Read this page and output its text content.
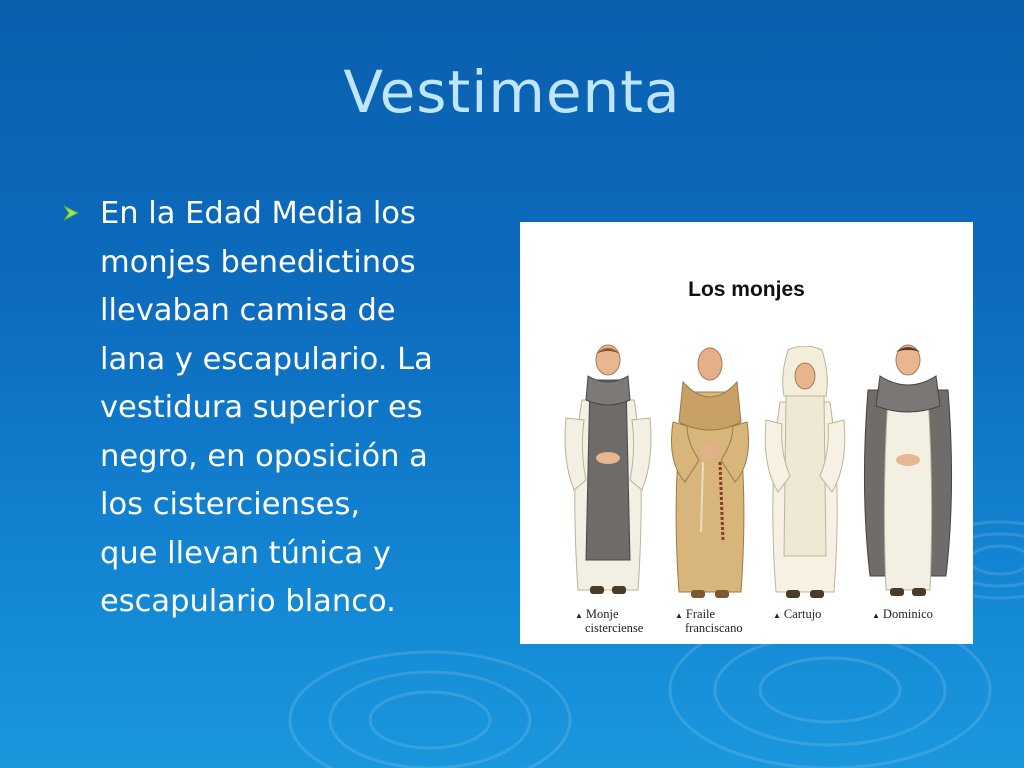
Vestimenta
En la Edad Media los
monjes benedictinos
llevaban camisa de
lana y escapulario. La
vestidura superior es
negro, en oposición a
los cistercienses,
que llevan túnica y
escapulario blanco.
Los monjes
▲ Monje
cisterciense
▲ Fraile
franciscano
▲ Cartujo	▲ Dominico
